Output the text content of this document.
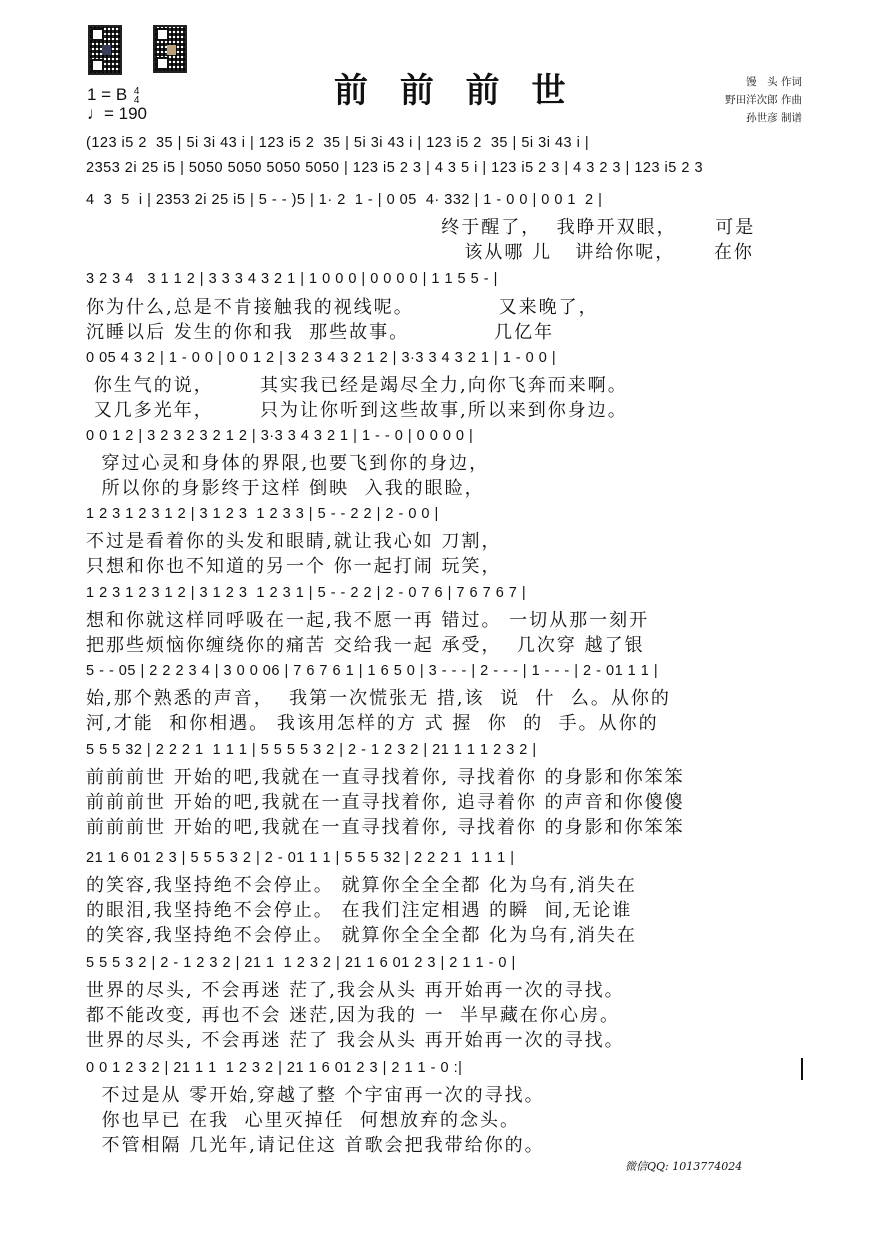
1 = B 4
4
♩= 190
前 前 前 世	馒　头 作词
野田洋次郎 作曲
孙世彦 制谱
(123 i5 2  35 | 5i 3i 43 i | 123 i5 2  35 | 5i 3i 43 i | 123 i5 2  35 | 5i 3i 43 i |
2353 2i 25 i5 | 5050 5050 5050 5050 | 123 i5 2 3 | 4 3 5 i | 123 i5 2 3 | 4 3 2 3 | 123 i5 2 3
4  3  5  i | 2353 2i 25 i5 | 5 - - )5 | 1· 2  1 - | 0 05  4· 332 | 1 - 0 0 | 0 0 1  2 |
终于醒了，  我睁开双眼，     可是
该从哪 儿   讲给你呢，     在你
3 2 3 4   3 1 1 2 | 3 3 3 4 3 2 1 | 1 0 0 0 | 0 0 0 0 | 1 1 5 5 - |
你为什么,总是不肯接触我的视线呢。           又来晚了，
沉睡以后 发生的你和我  那些故事。           几亿年
0 05 4 3 2 | 1 - 0 0 | 0 0 1 2 | 3 2 3 4 3 2 1 2 | 3·3 3 4 3 2 1 | 1 - 0 0 |
你生气的说，      其实我已经是竭尽全力,向你飞奔而来啊。
又几多光年，      只为让你听到这些故事,所以来到你身边。
0 0 1 2 | 3 2 3 2 3 2 1 2 | 3·3 3 4 3 2 1 | 1 - - 0 | 0 0 0 0 |
穿过心灵和身体的界限,也要飞到你的身边，
所以你的身影终于这样 倒映  入我的眼睑，
1 2 3 1 2 3 1 2 | 3 1 2 3  1 2 3 3 | 5 - - 2 2 | 2 - 0 0 |
不过是看着你的头发和眼睛,就让我心如 刀割，
只想和你也不知道的另一个 你一起打闹 玩笑，
1 2 3 1 2 3 1 2 | 3 1 2 3  1 2 3 1 | 5 - - 2 2 | 2 - 0 7 6 | 7 6 7 6 7 |
想和你就这样同呼吸在一起,我不愿一再 错过。 一切从那一刻开
把那些烦恼你缠绕你的痛苦 交给我一起 承受，  几次穿 越了银
5 - - 05 | 2 2 2 3 4 | 3 0 0 06 | 7 6 7 6 1 | 1 6 5 0 | 3 - - - | 2 - - - | 1 - - - | 2 - 01 1 1 |
始,那个熟悉的声音，  我第一次慌张无 措,该  说  什  么。从你的
河,才能  和你相遇。 我该用怎样的方 式 握  你  的  手。从你的
5 5 5 32 | 2 2 2 1  1 1 1 | 5 5 5 5 3 2 | 2 - 1 2 3 2 | 21 1 1 1 2 3 2 |
前前前世 开始的吧,我就在一直寻找着你, 寻找着你 的身影和你笨笨
前前前世 开始的吧,我就在一直寻找着你, 追寻着你 的声音和你傻傻
前前前世 开始的吧,我就在一直寻找着你, 寻找着你 的身影和你笨笨
21 1 6 01 2 3 | 5 5 5 3 2 | 2 - 01 1 1 | 5 5 5 32 | 2 2 2 1  1 1 1 |
的笑容,我坚持绝不会停止。 就算你全全全都 化为乌有,消失在
的眼泪,我坚持绝不会停止。 在我们注定相遇 的瞬  间,无论谁
的笑容,我坚持绝不会停止。 就算你全全全都 化为乌有,消失在
5 5 5 3 2 | 2 - 1 2 3 2 | 21 1  1 2 3 2 | 21 1 6 01 2 3 | 2 1 1 - 0 |
世界的尽头, 不会再迷 茫了,我会从头 再开始再一次的寻找。
都不能改变, 再也不会 迷茫,因为我的 一  半早藏在你心房。
世界的尽头, 不会再迷 茫了 我会从头 再开始再一次的寻找。
0 0 1 2 3 2 | 21 1 1  1 2 3 2 | 21 1 6 01 2 3 | 2 1 1 - 0 :|
不过是从 零开始,穿越了整 个宇宙再一次的寻找。
你也早已 在我  心里灭掉任  何想放弃的念头。
不管相隔 几光年,请记住这 首歌会把我带给你的。
微信QQ: 1013774024
